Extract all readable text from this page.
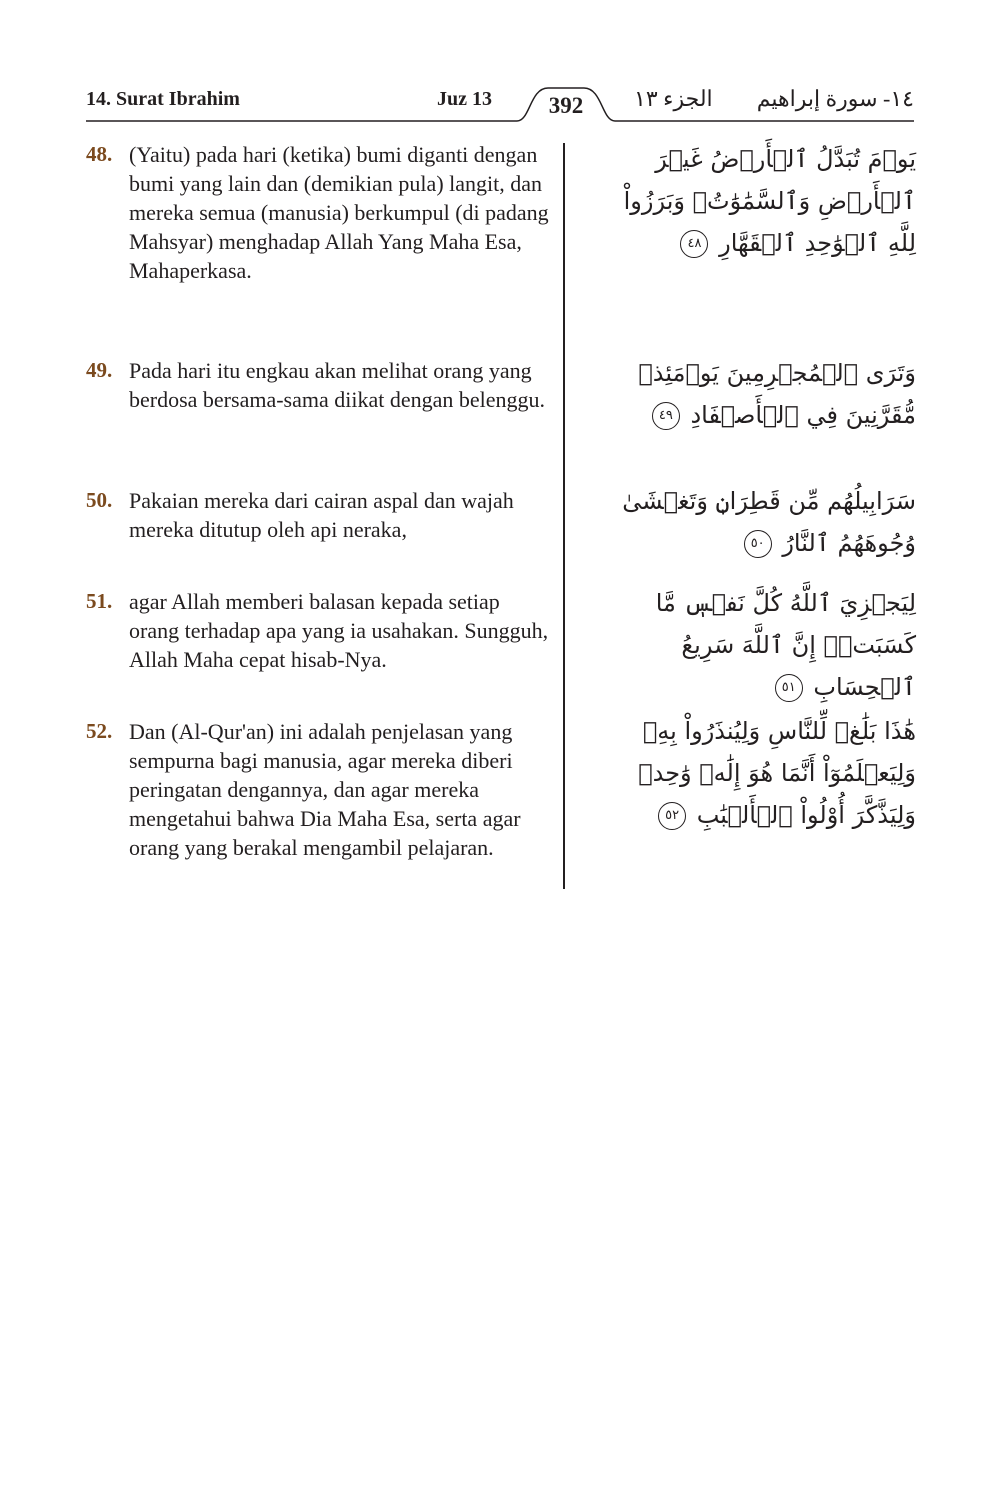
14. Surat Ibrahim	Juz 13	392	الجزء ١٣ ١٤- سورة إبراهيم
48. (Yaitu) pada hari (ketika) bumi diganti dengan bumi yang lain dan (demikian pula) langit, dan mereka semua (manusia) berkumpul (di padang Mahsyar) menghadap Allah Yang Maha Esa, Mahaperkasa.
يَوۡمَ تُبَدَّلُ ٱلۡأَرۡضُ غَيۡرَ ٱلۡأَرۡضِ وَٱلسَّمَٰوَٰتُۖ وَبَرَزُواْ لِلَّهِ ٱلۡوَٰحِدِ ٱلۡقَهَّارِ ٤٨
49. Pada hari itu engkau akan melihat orang yang berdosa bersama-sama diikat dengan belenggu.
وَتَرَى ٱلۡمُجۡرِمِينَ يَوۡمَئِذٖ مُّقَرَّنِينَ فِي ٱلۡأَصۡفَادِ ٤٩
50. Pakaian mereka dari cairan aspal dan wajah mereka ditutup oleh api neraka,
سَرَابِيلُهُم مِّن قَطِرَانٖ وَتَغۡشَىٰ وُجُوهَهُمُ ٱلنَّارُ ٥٠
51. agar Allah memberi balasan kepada setiap orang terhadap apa yang ia usahakan. Sungguh, Allah Maha cepat hisab-Nya.
لِيَجۡزِيَ ٱللَّهُ كُلَّ نَفۡسٖ مَّا كَسَبَتۡۚ إِنَّ ٱللَّهَ سَرِيعُ ٱلۡحِسَابِ ٥١
52. Dan (Al-Qur'an) ini adalah penjelasan yang sempurna bagi manusia, agar mereka diberi peringatan dengannya, dan agar mereka mengetahui bahwa Dia Maha Esa, serta agar orang yang berakal mengambil pelajaran.
هَٰذَا بَلَٰغٞ لِّلنَّاسِ وَلِيُنذَرُواْ بِهِۦ وَلِيَعۡلَمُوٓاْ أَنَّمَا هُوَ إِلَٰهٞ وَٰحِدٞ وَلِيَذَّكَّرَ أُوْلُواْ ٱلۡأَلۡبَٰبِ ٥٢
